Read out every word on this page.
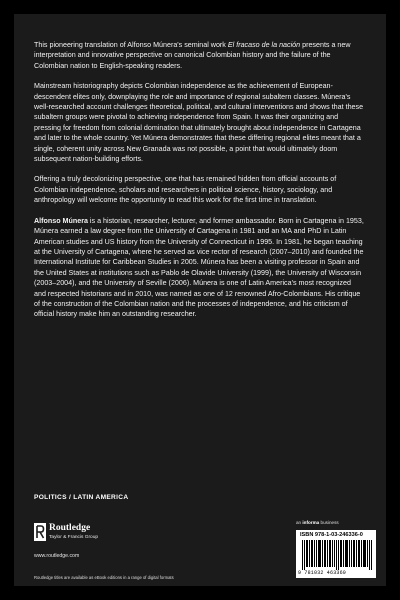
This pioneering translation of Alfonso Múnera's seminal work El fracaso de la nación presents a new interpretation and innovative perspective on canonical Colombian history and the failure of the Colombian nation to English-speaking readers.

Mainstream historiography depicts Colombian independence as the achievement of European-descendent elites only, downplaying the role and importance of regional subaltern classes. Múnera's well-researched account challenges theoretical, political, and cultural interventions and shows that these subaltern groups were pivotal to achieving independence from Spain. It was their organizing and pressing for freedom from colonial domination that ultimately brought about independence in Cartagena and later to the whole country. Yet Múnera demonstrates that these differing regional elites meant that a single, coherent unity across New Granada was not possible, a point that would ultimately doom subsequent nation-building efforts.

Offering a truly decolonizing perspective, one that has remained hidden from official accounts of Colombian independence, scholars and researchers in political science, history, sociology, and anthropology will welcome the opportunity to read this work for the first time in translation.

Alfonso Múnera is a historian, researcher, lecturer, and former ambassador. Born in Cartagena in 1953, Múnera earned a law degree from the University of Cartagena in 1981 and an MA and PhD in Latin American studies and US history from the University of Connecticut in 1995. In 1981, he began teaching at the University of Cartagena, where he served as vice rector of research (2007–2010) and founded the International Institute for Caribbean Studies in 2005. Múnera has been a visiting professor in Spain and the United States at institutions such as Pablo de Olavide University (1999), the University of Wisconsin (2003–2004), and the University of Seville (2006). Múnera is one of Latin America's most recognized and respected historians and in 2010, was named as one of 12 renowned Afro-Colombians. His critique of the construction of the Colombian nation and the processes of independence, and his criticism of official history make him an outstanding researcher.

POLITICS / LATIN AMERICA
an informa business
Routledge
Taylor & Francis Group
www.routledge.com
ISBN 978-1-03-246336-0
9 781032 463360
Routledge titles are available as eBook editions in a range of digital formats
